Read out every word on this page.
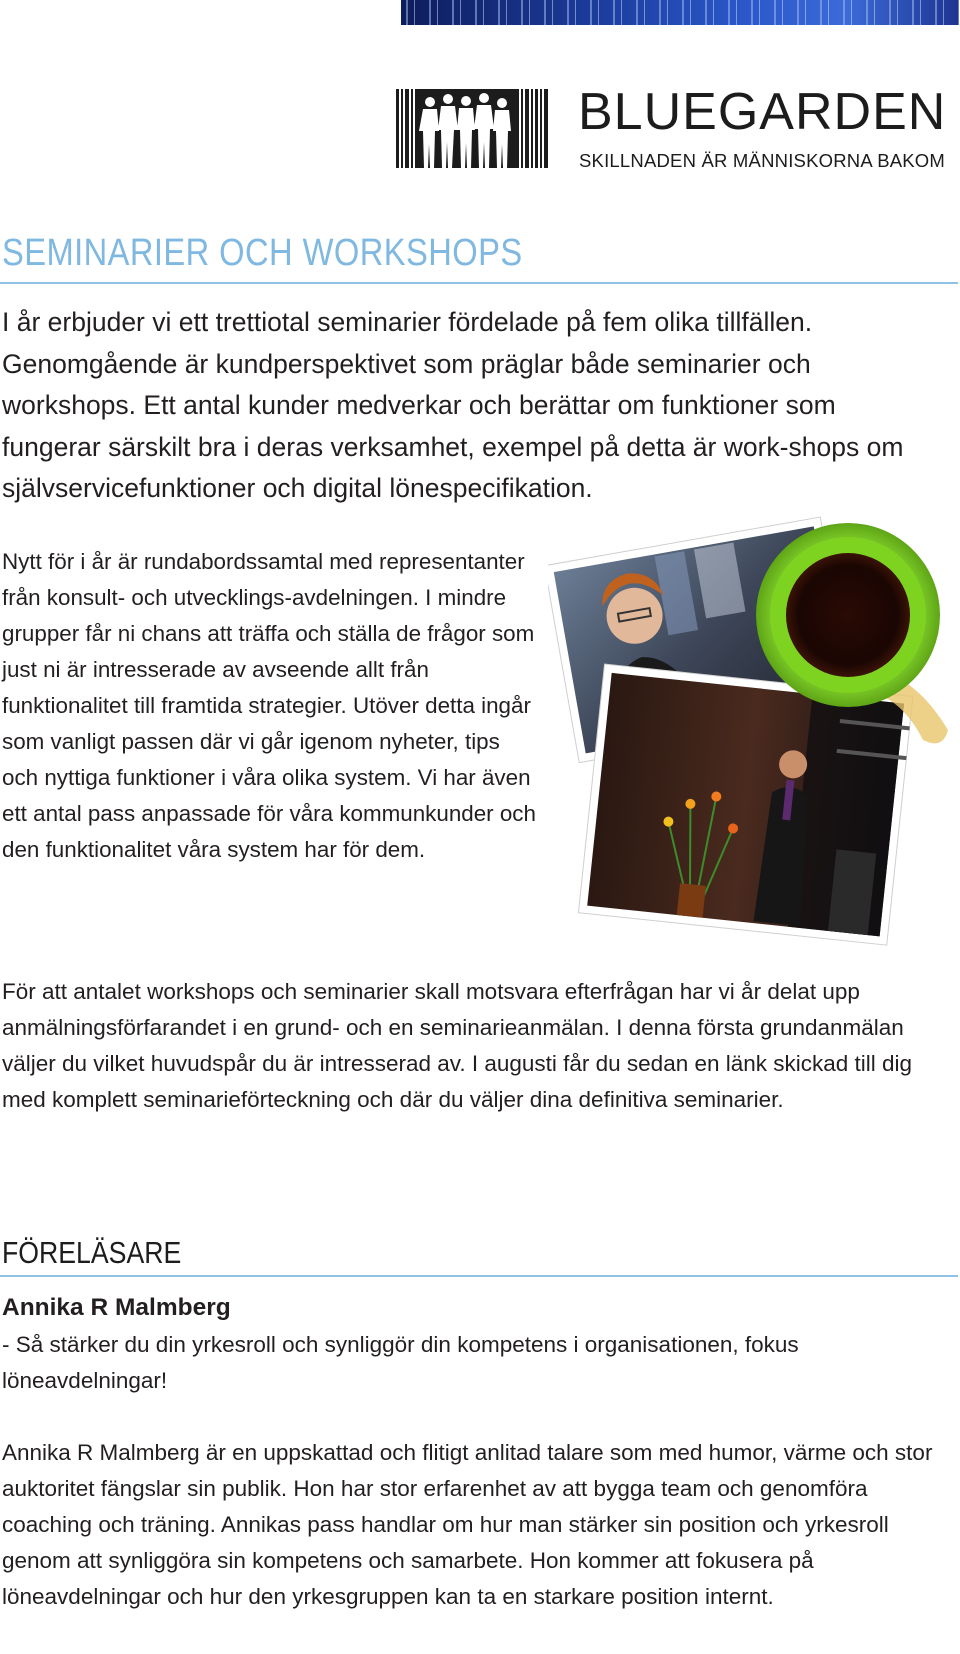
BLUEGARDEN
SKILLNADEN ÄR MÄNNISKORNA BAKOM
SEMINARIER OCH WORKSHOPS

I år erbjuder vi ett trettiotal seminarier fördelade på fem olika tillfällen. Genomgående är kundperspektivet som präglar både seminarier och workshops. Ett antal kunder medverkar och berättar om funktioner som fungerar särskilt bra i deras verksamhet, exempel på detta är work-shops om självservicefunktioner och digital lönespecifikation.

Nytt för i år är rundabordssamtal med representanter från konsult- och utvecklings-avdelningen. I mindre grupper får ni chans att träffa och ställa de frågor som just ni är intresserade av avseende allt från funktionalitet till framtida strategier. Utöver detta ingår som vanligt passen där vi går igenom nyheter, tips och nyttiga funktioner i våra olika system. Vi har även ett antal pass anpassade för våra kommunkunder och den funktionalitet våra system har för dem.

För att antalet workshops och seminarier skall motsvara efterfrågan har vi år delat upp anmälningsförfarandet i en grund- och en seminarieanmälan. I denna första grundanmälan väljer du vilket huvudspår du är intresserad av. I augusti får du sedan en länk skickad till dig med komplett seminarieförteckning och där du väljer dina definitiva seminarier.

FÖRELÄSARE
Annika R Malmberg

- Så stärker du din yrkesroll och synliggör din kompetens i organisationen, fokus löneavdelningar!

Annika R Malmberg är en uppskattad och flitigt anlitad talare som med humor, värme och stor auktoritet fängslar sin publik. Hon har stor erfarenhet av att bygga team och genomföra coaching och träning. Annikas pass handlar om hur man stärker sin position och yrkesroll genom att synliggöra sin kompetens och samarbete. Hon kommer att fokusera på löneavdelningar och hur den yrkesgruppen kan ta en starkare position internt.
